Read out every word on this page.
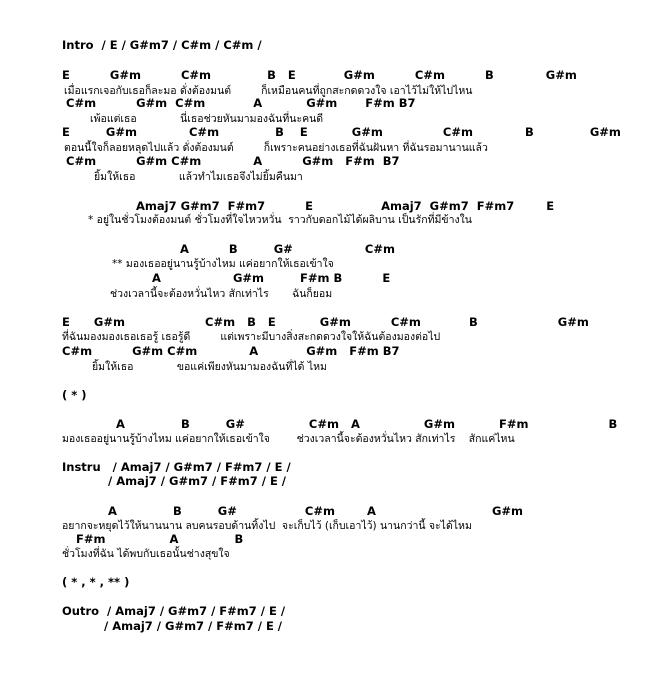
Intro  / E / G#m7 / C#m / C#m /
E          G#m          C#m              B   E            G#m          C#m          B             G#m
เมื่อแรกเจอกับเธอก็ละมอ ดั่งต้องมนต์         ก็เหมือนคนที่ถูกสะกดดวงใจ เอาไว้ไม่ให้ไปไหน
C#m          G#m  C#m            A           G#m       F#m B7
เพ้อแต่เธอ             นี่เธอช่วยหันมามองฉันที่นะคนดี
E         G#m             C#m              B    E           G#m               C#m             B              G#m
ตอนนี้ใจก็ลอยหลุดไปแล้ว ดั่งต้องมนต์         ก็เพราะคนอย่างเธอที่ฉันฝันหา ที่ฉันรอมานานแล้ว
C#m          G#m C#m             A          G#m   F#m  B7
ยิ้มให้เธอ             แล้วทำไมเธอจึงไม่ยิ้มคืนมา
Amaj7 G#m7  F#m7          E                 Amaj7  G#m7  F#m7        E
* อยู่ในชั่วโมงต้องมนต์ ชั่วโมงที่ใจไหวหวั่น  ราวกับดอกไม้ได้ผลิบาน เป็นรักที่มีข้างใน
A          B         G#                  C#m
** มองเธออยู่นานรู้บ้างไหม แค่อยากให้เธอเข้าใจ
A                  G#m         F#m B          E
ช่วงเวลานี้จะต้องหวั่นไหว สักเท่าไร       ฉันก็ยอม
E      G#m                    C#m   B   E           G#m          C#m            B                    G#m
ที่ฉันมองมองเธอเธอรู้ เธอรู้ดี         แต่เพราะมีบางสิ่งสะกดดวงใจให้ฉันต้องมองต่อไป
C#m          G#m C#m             A            G#m   F#m B7
ยิ้มให้เธอ             ขอแค่เพียงหันมามองฉันที่ได้ ไหม
( * )
A              B         G#                C#m   A                G#m           F#m                    B
มองเธออยู่นานรู้บ้างไหม แค่อยากให้เธอเข้าใจ        ช่วงเวลานี้จะต้องหวั่นไหว สักเท่าไร    สักแค่ไหน
Instru   / Amaj7 / G#m7 / F#m7 / E /
/ Amaj7 / G#m7 / F#m7 / E /
A              B         G#                 C#m        A                             G#m
อยากจะหยุดไว้ให้นานนาน ลบคนรอบด้านทิ้งไป  จะเก็บไว้ (เก็บเอาไว้) นานกว่านี้ จะได้ไหม
F#m                A              B
ชั่วโมงที่ฉัน ได้พบกับเธอนั้นช่างสุขใจ
( * , * , ** )
Outro  / Amaj7 / G#m7 / F#m7 / E /
/ Amaj7 / G#m7 / F#m7 / E /
